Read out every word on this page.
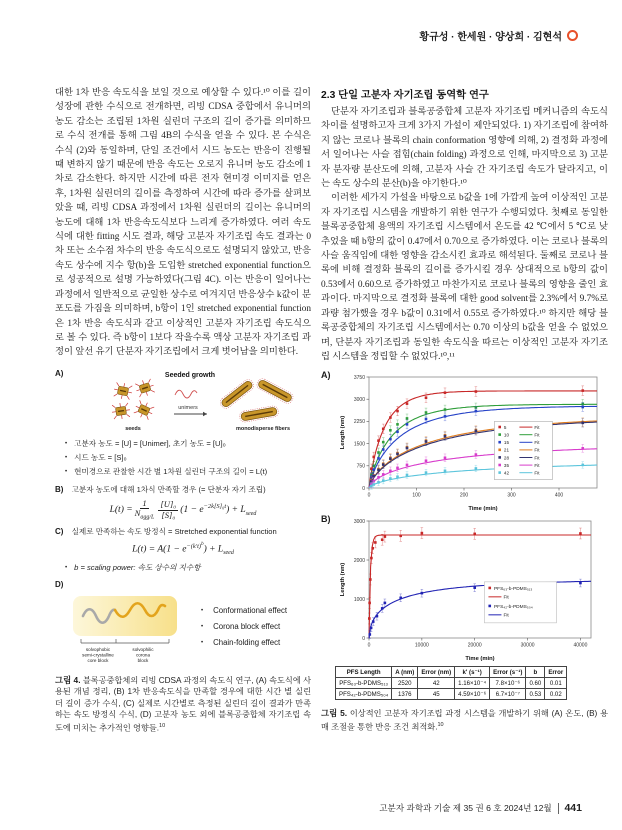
황규성 · 한세원 · 양상희 · 김현석

대한 1차 반응 속도식을 보일 것으로 예상할 수 있다.¹⁰ 이를 길이 성장에 관한 수식으로 전개하면, 리빙 CDSA 중합에서 유니머의 농도 감소는 조립된 1차원 실린더 구조의 길이 증가를 의미하므로 수식 전개를 통해 그림 4B의 수식을 얻을 수 있다. 본 수식은 수식 (2)와 동일하며, 단일 조건에서 시드 농도는 반응이 진행될 때 변하지 않기 때문에 반응 속도는 오로지 유니머 농도 감소에 1차로 감소한다. 하지만 시간에 따른 전자 현미경 이미지를 얻은 후, 1차원 실린더의 길이를 측정하여 시간에 따라 증가를 살펴보았을 때, 리빙 CDSA 과정에서 1차원 실린더의 길이는 유니머의 농도에 대해 1차 반응속도식보다 느리게 증가하였다. 여러 속도식에 대한 fitting 시도 결과, 해당 고분자 자기조립 속도 결과는 0차 또는 소수점 차수의 반응 속도식으로도 설명되지 않았고, 반응 속도 상수에 지수 항(b)을 도입한 stretched exponential function으로 성공적으로 설명 가능하였다(그림 4C). 이는 반응이 일어나는 과정에서 일반적으로 균일한 상수로 여겨지던 반응상수 k값이 분포도를 가짐을 의미하며, b항이 1인 stretched exponential function은 1차 반응 속도식과 같고 이상적인 고분자 자기조립 속도식으로 볼 수 있다. 즉 b항이 1보다 작을수록 액상 고분자 자기조립 과정이 앞선 유기 단분자 자기조립에서 크게 벗어남을 의미한다.

A)	Seeded growth
unimers
seeds	monodisperse fibers
• 고분자 농도 = [U] = [Unimer], 초기 농도 = [U]₀
• 시드 농도 = [S]₀
• 현미경으로 관찰한 시간 별 1차원 실린더 구조의 길이 = L(t)
B) 고분자 농도에 대해 1차식 만족할 경우 (= 단분자 자기 조립)
$L(t) = \frac{1}{N_{agg/L}} \frac{\text{[U]₀}}{\text{[S]₀}} (1 - e^{-2k[S]_0t}) + L_{seed}$
C) 실제로 만족하는 속도 방정식 = Stretched exponential function
$L(t) = A(1 - e^{-(k't)^b}) + L_{seed}$
• b = scaling power: 속도 상수의 지수항
D)
solvophobic
semi-crystalline
core block
solvophilic
corona
block
• Conformational effect
• Corona block effect
• Chain-folding effect

그림 4. 블록공중합체의 리빙 CDSA 과정의 속도식 연구, (A) 속도식에 사용된 개념 정리, (B) 1차 반응속도식을 만족할 경우에 대한 시간 별 실린더 길이 증가 수식, (C) 실제로 시간별로 측정된 실린더 길이 결과가 만족하는 속도 방정식 수식, (D) 고분자 농도 외에 블록공중합체 자기조립 속도에 미치는 추가적인 영향들.$^{10}$

2.3 단일 고분자 자기조립 동역학 연구

단분자 자기조립과 블록공중합체 고분자 자기조립 메커니즘의 속도식 차이를 설명하고자 크게 3가지 가설이 제안되었다. 1) 자기조립에 참여하지 않는 코로나 블록의 chain conformation 영향에 의해, 2) 결정화 과정에서 일어나는 사슬 접힘(chain folding) 과정으로 인해, 마지막으로 3) 고분자 분자량 분산도에 의해, 고분자 사슬 간 자기조립 속도가 달라지고, 이는 속도 상수의 분산(b)을 야기한다.¹⁰

이러한 세가지 가설을 바탕으로 b값을 1에 가깝게 높여 이상적인 고분자 자기조립 시스템을 개발하기 위한 연구가 수행되었다. 첫째로 동일한 블록공중합체 용액의 자기조립 시스템에서 온도를 42 ℃에서 5 ℃로 낮추었을 때 b항의 값이 0.47에서 0.70으로 증가하였다. 이는 코로나 블록의 사슬 움직임에 대한 영향을 감소시킨 효과로 해석된다. 둘째로 코로나 블록에 비해 결정화 블록의 길이를 증가시킬 경우 상대적으로 b항의 값이 0.53에서 0.60으로 증가하였고 마찬가지로 코로나 블록의 영향을 줄인 효과이다. 마지막으로 결정화 블록에 대한 good solvent를 2.3%에서 9.7%로 과량 첨가했을 경우 b값이 0.31에서 0.55로 증가하였다.¹⁰ 하지만 해당 블록공중합체의 자기조립 시스템에서는 0.70 이상의 b값을 얻을 수 없었으며, 단분자 자기조립과 동일한 속도식을 따르는 이상적인 고분자 자기조립 시스템을 정립할 수 없었다.¹⁰,¹¹

A)
0	100	200	300	400
0
750
1500
2250
3000
3750
Time (min)
Length (nm)	5	Fit
10	Fit
15	Fit
21	Fit
28	Fit
35	Fit
42	Fit
B)
0	10000	20000	30000	40000
0
1000
2000
3000
Time (min)
Length (nm)	PFS₆₃-b-PDMS₅₁₃
Fit
PFS₄₂-b-PDMS₅₀₄
Fit
PFS Length	A (nm)	Error (nm)	k' (s⁻¹)	Error (s⁻¹)	b	Error
PFS₆₃-b-PDMS₅₁₃	2520	42	1.16×10⁻⁴	7.8×10⁻⁶	0.60	0.01
PFS₄₂-b-PDMS₅₀₄	1376	45	4.59×10⁻⁶	6.7×10⁻⁷	0.53	0.02

그림 5. 이상적인 고분자 자기조립 과정 시스템을 개발하기 위해 (A) 온도, (B) 용매 조절을 통한 반응 조건 최적화.$^{10}$

고분자 과학과 기술 제 35 권 6 호 2024년 12월 441
